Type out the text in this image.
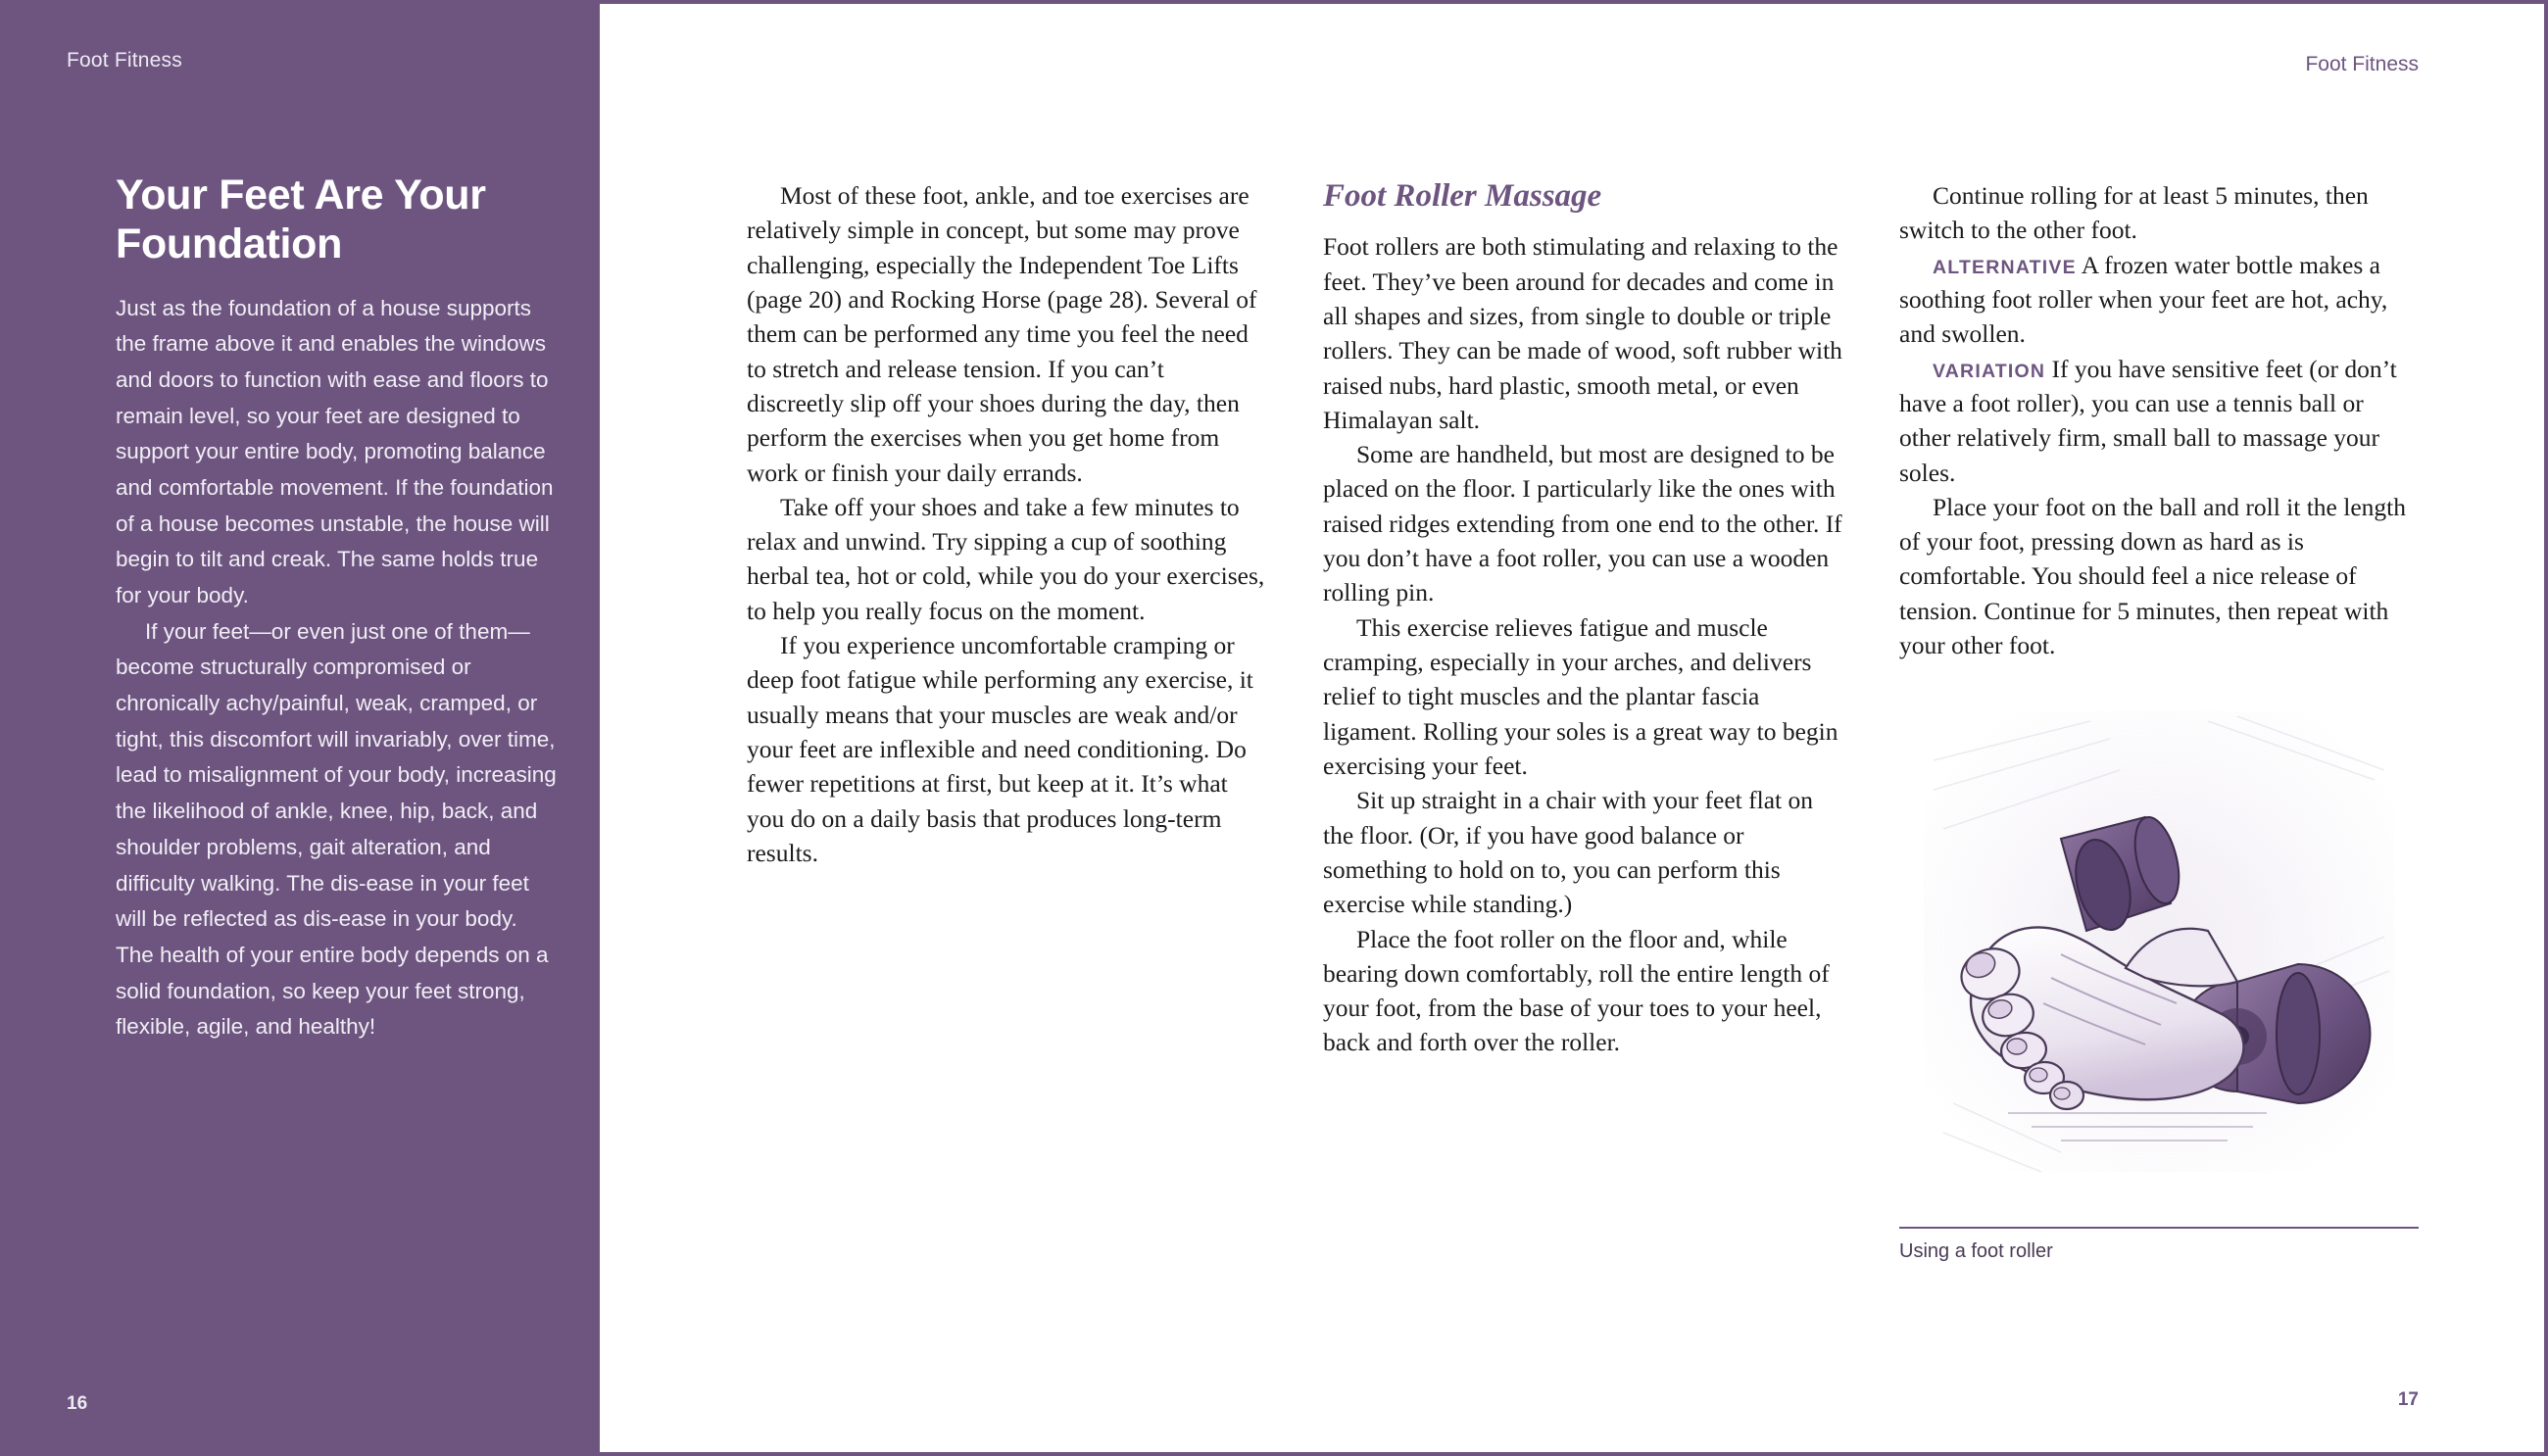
Foot Fitness
Your Feet Are Your Foundation

Just as the foundation of a house supports the frame above it and enables the windows and doors to function with ease and floors to remain level, so your feet are designed to support your entire body, promoting balance and comfortable movement. If the foundation of a house becomes unstable, the house will begin to tilt and creak. The same holds true for your body.

If your feet—or even just one of them—become structurally compromised or chronically achy/painful, weak, cramped, or tight, this discomfort will invariably, over time, lead to misalignment of your body, increasing the likelihood of ankle, knee, hip, back, and shoulder problems, gait alteration, and difficulty walking. The dis-ease in your feet will be reflected as dis-ease in your body. The health of your entire body depends on a solid foundation, so keep your feet strong, flexible, agile, and healthy!

16
Foot Fitness

Most of these foot, ankle, and toe exercises are relatively simple in concept, but some may prove challenging, especially the Independent Toe Lifts (page 20) and Rocking Horse (page 28). Several of them can be performed any time you feel the need to stretch and release tension. If you can’t discreetly slip off your shoes during the day, then perform the exercises when you get home from work or finish your daily errands.

Take off your shoes and take a few minutes to relax and unwind. Try sipping a cup of soothing herbal tea, hot or cold, while you do your exercises, to help you really focus on the moment.

If you experience uncomfortable cramping or deep foot fatigue while performing any exercise, it usually means that your muscles are weak and/or your feet are inflexible and need conditioning. Do fewer repetitions at first, but keep at it. It’s what you do on a daily basis that produces long-term results.

Foot Roller Massage

Foot rollers are both stimulating and relaxing to the feet. They’ve been around for decades and come in all shapes and sizes, from single to double or triple rollers. They can be made of wood, soft rubber with raised nubs, hard plastic, smooth metal, or even Himalayan salt.

Some are handheld, but most are designed to be placed on the floor. I particularly like the ones with raised ridges extending from one end to the other. If you don’t have a foot roller, you can use a wooden rolling pin.

This exercise relieves fatigue and muscle cramping, especially in your arches, and delivers relief to tight muscles and the plantar fascia ligament. Rolling your soles is a great way to begin exercising your feet.

Sit up straight in a chair with your feet flat on the floor. (Or, if you have good balance or something to hold on to, you can perform this exercise while standing.)

Place the foot roller on the floor and, while bearing down comfortably, roll the entire length of your foot, from the base of your toes to your heel, back and forth over the roller.

Continue rolling for at least 5 minutes, then switch to the other foot.

ALTERNATIVE A frozen water bottle makes a soothing foot roller when your feet are hot, achy, and swollen.

VARIATION If you have sensitive feet (or don’t have a foot roller), you can use a tennis ball or other relatively firm, small ball to massage your soles.

Place your foot on the ball and roll it the length of your foot, pressing down as hard as is comfortable. You should feel a nice release of tension. Continue for 5 minutes, then repeat with your other foot.

Using a foot roller
17
